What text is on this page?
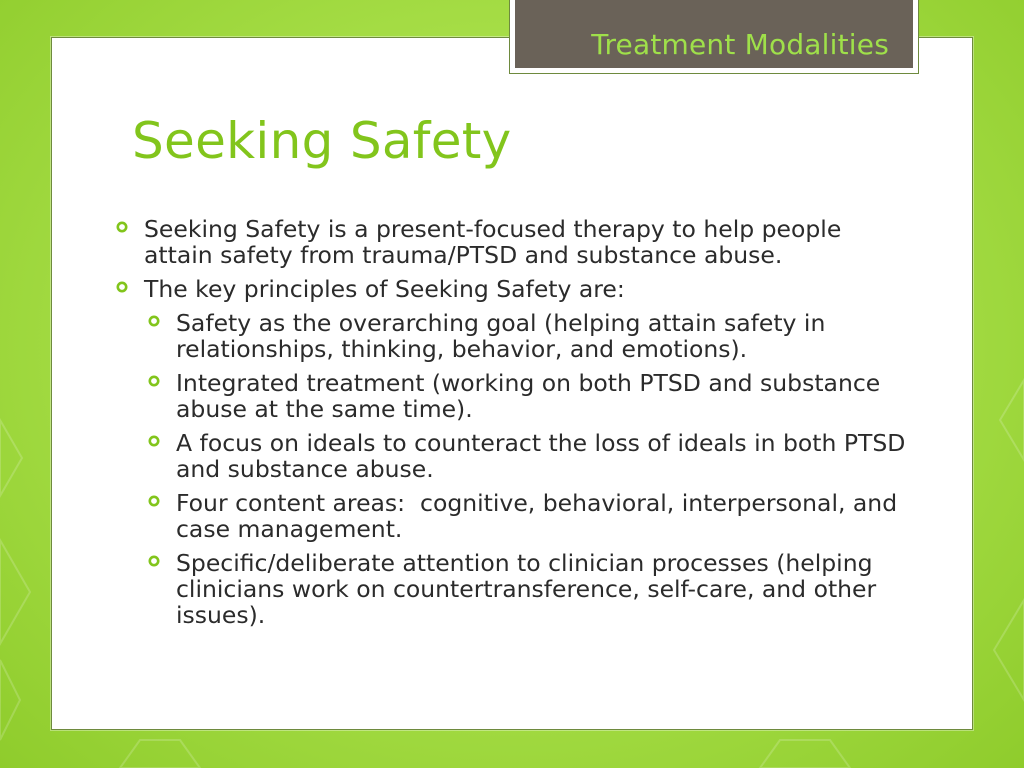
Treatment Modalities
Seeking Safety
Seeking Safety is a present-focused therapy to help people attain safety from trauma/PTSD and substance abuse.
The key principles of Seeking Safety are:
Safety as the overarching goal (helping attain safety in relationships, thinking, behavior, and emotions).
Integrated treatment (working on both PTSD and substance abuse at the same time).
A focus on ideals to counteract the loss of ideals in both PTSD and substance abuse.
Four content areas:  cognitive, behavioral, interpersonal, and case management.
Specific/deliberate attention to clinician processes (helping clinicians work on countertransference, self-care, and other issues).
